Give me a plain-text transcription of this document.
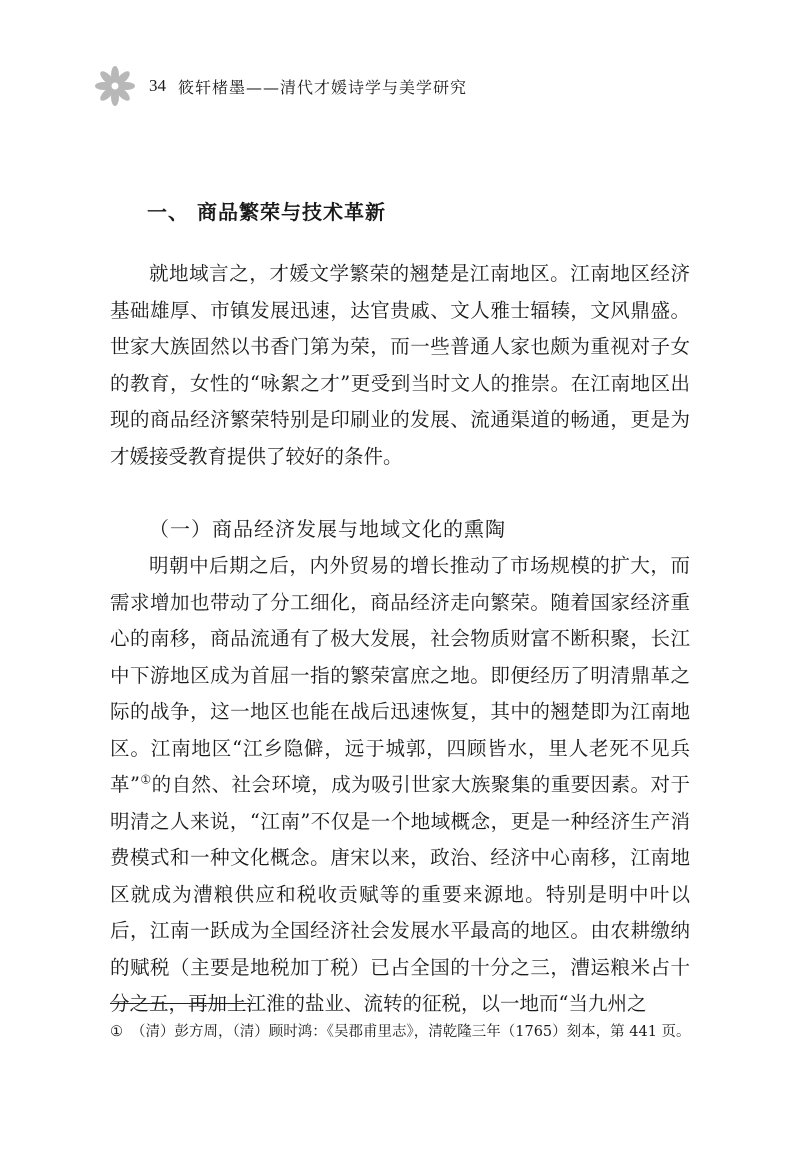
34 筱轩楮墨——清代才媛诗学与美学研究
一、 商品繁荣与技术革新

就地域言之，才媛文学繁荣的翘楚是江南地区。江南地区经济基础雄厚、市镇发展迅速，达官贵戚、文人雅士辐辏，文风鼎盛。世家大族固然以书香门第为荣，而一些普通人家也颇为重视对子女的教育，女性的“咏絮之才”更受到当时文人的推崇。在江南地区出现的商品经济繁荣特别是印刷业的发展、流通渠道的畅通，更是为才媛接受教育提供了较好的条件。

（一）商品经济发展与地域文化的熏陶

明朝中后期之后，内外贸易的增长推动了市场规模的扩大，而需求增加也带动了分工细化，商品经济走向繁荣。随着国家经济重心的南移，商品流通有了极大发展，社会物质财富不断积聚，长江中下游地区成为首屈一指的繁荣富庶之地。即便经历了明清鼎革之际的战争，这一地区也能在战后迅速恢复，其中的翘楚即为江南地区。江南地区“江乡隐僻，远于城郭，四顾皆水，里人老死不见兵革”①的自然、社会环境，成为吸引世家大族聚集的重要因素。对于明清之人来说，“江南”不仅是一个地域概念，更是一种经济生产消费模式和一种文化概念。唐宋以来，政治、经济中心南移，江南地区就成为漕粮供应和税收贡赋等的重要来源地。特别是明中叶以后，江南一跃成为全国经济社会发展水平最高的地区。由农耕缴纳的赋税（主要是地税加丁税）已占全国的十分之三，漕运粮米占十分之五，再加上江淮的盐业、流转的征税，以一地而“当九州之

① （清）彭方周，（清）顾时鸿：《吴郡甫里志》，清乾隆三年（1765）刻本，第 441 页。
